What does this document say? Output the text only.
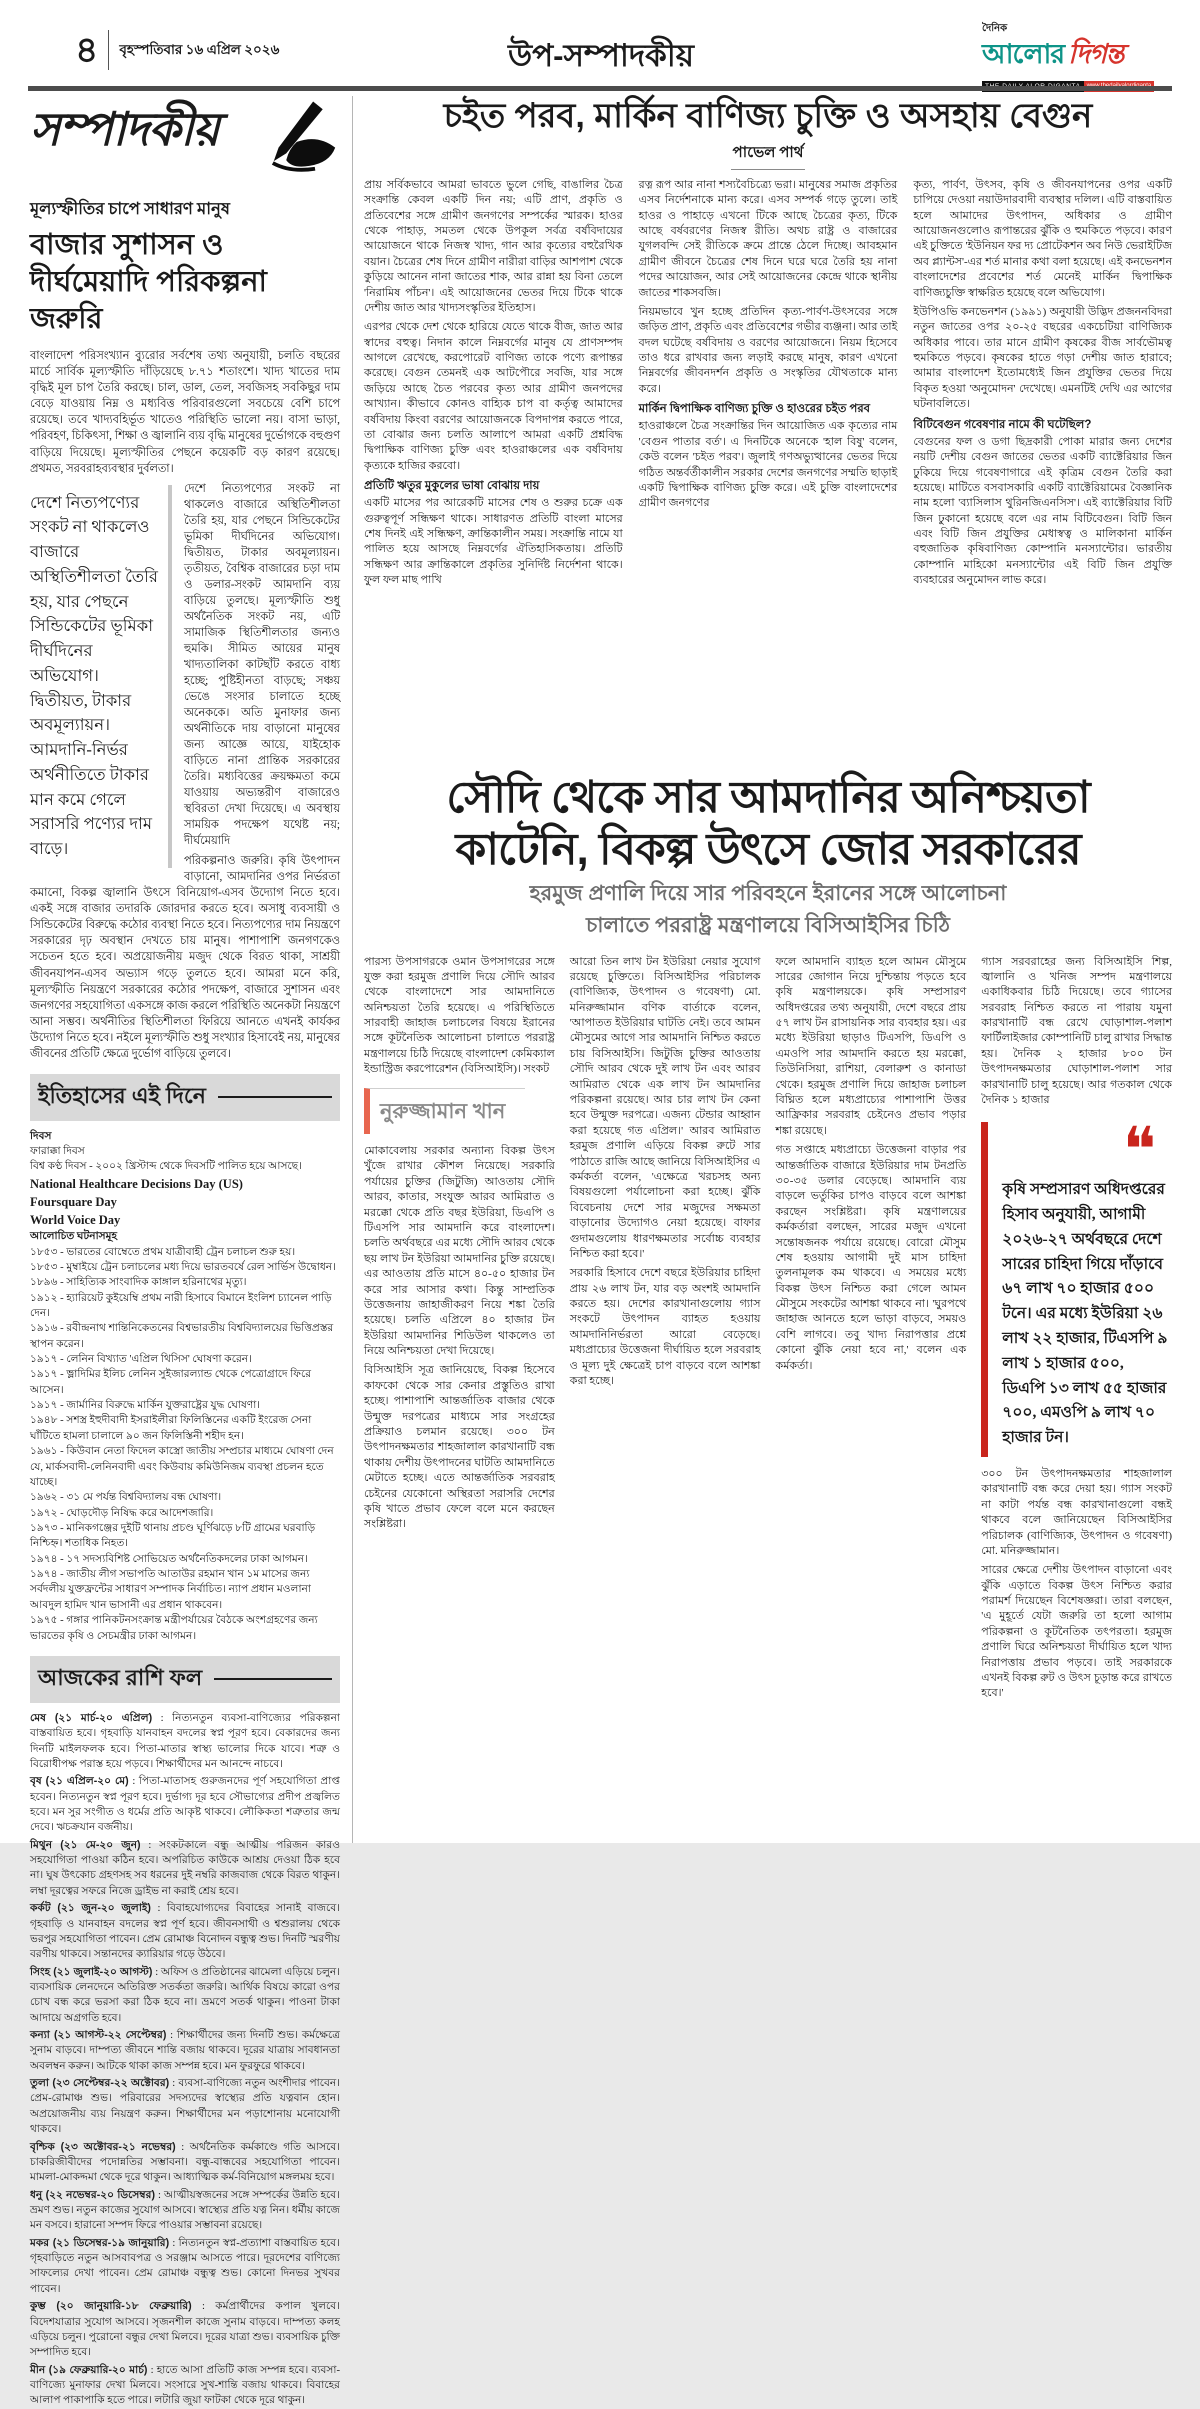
৪ বৃহস্পতিবার ১৬ এপ্রিল ২০২৬	উপ-সম্পাদকীয়
দৈনিক
আলোর দিগন্ত
সম্পাদকীয়
মূল্যস্ফীতির চাপে সাধারণ মানুষ
বাজার সুশাসন ও দীর্ঘমেয়াদি পরিকল্পনা জরুরি

বাংলাদেশ পরিসংখ্যান ব্যুরোর সর্বশেষ তথ্য অনুযায়ী, চলতি বছরের মার্চে সার্বিক মূল্যস্ফীতি দাঁড়িয়েছে ৮.৭১ শতাংশে। খাদ্য খাতের দাম বৃদ্ধিই মূল চাপ তৈরি করছে। চাল, ডাল, তেল, সবজিসহ সবকিছুর দাম বেড়ে যাওয়ায় নিম্ন ও মধ্যবিত্ত পরিবারগুলো সবচেয়ে বেশি চাপে রয়েছে। তবে খাদ্যবহির্ভূত খাতেও পরিস্থিতি ভালো নয়। বাসা ভাড়া, পরিবহণ, চিকিৎসা, শিক্ষা ও জ্বালানি ব্যয় বৃদ্ধি মানুষের দুর্ভোগকে বহুগুণ বাড়িয়ে দিয়েছে। মূল্যস্ফীতির পেছনে কয়েকটি বড় কারণ রয়েছে। প্রথমত, সরবরাহব্যবস্থার দুর্বলতা।

দেশে নিত্যপণ্যের সংকট না থাকলেও বাজারে অস্থিতিশীলতা তৈরি হয়, যার পেছনে সিন্ডিকেটের ভূমিকা দীর্ঘদিনের অভিযোগ। দ্বিতীয়ত, টাকার অবমূল্যায়ন। আমদানি-নির্ভর অর্থনীতিতে টাকার মান কমে গেলে সরাসরি পণ্যের দাম বাড়ে।

দেশে নিত্যপণ্যের সংকট না থাকলেও বাজারে অস্থিতিশীলতা তৈরি হয়, যার পেছনে সিন্ডিকেটের ভূমিকা দীর্ঘদিনের অভিযোগ। দ্বিতীয়ত, টাকার অবমূল্যায়ন। তৃতীয়ত, বৈশ্বিক বাজারের চড়া দাম ও ডলার-সংকট আমদানি ব্যয় বাড়িয়ে তুলছে। মূল্যস্ফীতি শুধু অর্থনৈতিক সংকট নয়, এটি সামাজিক স্থিতিশীলতার জন্যও হুমকি। সীমিত আয়ের মানুষ খাদ্যতালিকা কাটছাঁট করতে বাধ্য হচ্ছে; পুষ্টিহীনতা বাড়ছে; সঞ্চয় ভেঙে সংসার চালাতে হচ্ছে অনেককে। অতি মুনাফার জন্য অর্থনীতিকে দায় বাড়ানো মানুষের জন্য আজ্ঞে আয়ে, যাইহোক বাড়িতে নানা প্রান্তিক সরকারের তৈরি। মধ্যবিত্তের ক্রয়ক্ষমতা কমে যাওয়ায় অভ্যন্তরীণ বাজারেও স্থবিরতা দেখা দিয়েছে। এ অবস্থায় সাময়িক পদক্ষেপ যথেষ্ট নয়; দীর্ঘমেয়াদি

পরিকল্পনাও জরুরি। কৃষি উৎপাদন বাড়ানো, আমদানির ওপর নির্ভরতা কমানো, বিকল্প জ্বালানি উৎসে বিনিয়োগ-এসব উদ্যোগ নিতে হবে। একই সঙ্গে বাজার তদারকি জোরদার করতে হবে। অসাধু ব্যবসায়ী ও সিন্ডিকেটের বিরুদ্ধে কঠোর ব্যবস্থা নিতে হবে। নিত্যপণ্যের দাম নিয়ন্ত্রণে সরকারের দৃঢ় অবস্থান দেখতে চায় মানুষ। পাশাপাশি জনগণকেও সচেতন হতে হবে। অপ্রয়োজনীয় মজুদ থেকে বিরত থাকা, সাশ্রয়ী জীবনযাপন-এসব অভ্যাস গড়ে তুলতে হবে। আমরা মনে করি, মূল্যস্ফীতি নিয়ন্ত্রণে সরকারের কঠোর পদক্ষেপ, বাজারে সুশাসন এবং জনগণের সহযোগিতা একসঙ্গে কাজ করলে পরিস্থিতি অনেকটা নিয়ন্ত্রণে আনা সম্ভব। অর্থনীতির স্থিতিশীলতা ফিরিয়ে আনতে এখনই কার্যকর উদ্যোগ নিতে হবে। নইলে মূল্যস্ফীতি শুধু সংখ্যার হিসাবেই নয়, মানুষের জীবনের প্রতিটি ক্ষেত্রে দুর্ভোগ বাড়িয়ে তুলবে।

ইতিহাসের এই দিনে
দিবস
ফারাক্কা দিবস
বিশ্ব কণ্ঠ দিবস - ২০০২ খ্রিস্টাব্দ থেকে দিবসটি পালিত হয়ে আসছে।
National Healthcare Decisions Day (US)
Foursquare Day
World Voice Day
আলোচিত ঘটনাসমূহ
১৮৫৩ - ভারতের বোম্বেতে প্রথম যাত্রীবাহী ট্রেন চলাচল শুরু হয়।
১৮৫৩ - মুম্বাইয়ে ট্রেন চলাচলের মধ্য দিয়ে ভারতবর্ষে রেল সার্ভিস উদ্বোধন।
১৮৯৬ - সাহিত্যিক সাংবাদিক কাঙ্গাল হরিনাথের মৃত্যু।
১৯১২ - হ্যারিয়েট কুইয়েম্বি প্রথম নারী হিসাবে বিমানে ইংলিশ চ্যানেল পাড়ি দেন।
১৯১৬ - রবীন্দ্রনাথ শান্তিনিকেতনের বিশ্বভারতীয় বিশ্ববিদ্যালয়ের ভিত্তিপ্রস্তর স্থাপন করেন।
১৯১৭ - লেনিন বিখ্যাত 'এপ্রিল থিসিস' ঘোষণা করেন।
১৯১৭ - ভ্লাদিমির ইলিচ লেনিন সুইজারল্যান্ড থেকে পেত্রোগ্রাদে ফিরে আসেন।
১৯১৭ - জার্মানির বিরুদ্ধে মার্কিন যুক্তরাষ্ট্রের যুদ্ধ ঘোষণা।
১৯৪৮ - সশস্ত্র ইহুদীবাদী ইসরাইলীরা ফিলিস্তিনের একটি ইংরেজ সেনা ঘাঁটিতে হামলা চালালে ৯০ জন ফিলিস্তিনী শহীদ হন।
১৯৬১ - কিউবান নেতা ফিদেল কাস্ত্রো জাতীয় সম্প্রচার মাধ্যমে ঘোষণা দেন যে, মার্কসবাদী-লেনিনবাদী এবং কিউবায় কমিউনিজম ব্যবস্থা প্রচলন হতে যাচ্ছে।
১৯৬২ - ৩১ মে পর্যন্ত বিশ্ববিদ্যালয় বন্ধ ঘোষণা।
১৯৭২ - ঘোড়দৌড় নিষিদ্ধ করে আদেশজারি।
১৯৭৩ - মানিকগঞ্জের দুইটি থানায় প্রচণ্ড ঘূর্ণিঝড়ে ৮টি গ্রামের ঘরবাড়ি নিশ্চিহ্ন। শতাধিক নিহত।
১৯৭৪ - ১৭ সদস্যবিশিষ্ট সোভিয়েত অর্থনৈতিকদলের ঢাকা আগমন।
১৯৭৪ - জাতীয় লীগ সভাপতি আতাউর রহমান খান ১ম মাসের জন্য সর্বদলীয় যুক্তফ্রন্টের সাধারণ সম্পাদক নির্বাচিত। ন্যাপ প্রধান মওলানা আবদুল হামিদ খান ভাসানী এর প্রধান থাকবেন।
১৯৭৫ - গঙ্গার পানিকটনসংক্রান্ত মন্ত্রীপর্যায়ের বৈঠকে অংশগ্রহণের জন্য ভারতের কৃষি ও সেচমন্ত্রীর ঢাকা আগমন।
আজকের রাশি ফল

মেষ (২১ মার্চ-২০ এপ্রিল) : নিত্যনতুন ব্যবসা-বাণিজ্যের পরিকল্পনা বাস্তবায়িত হবে। গৃহবাড়ি যানবাহন বদলের স্বপ্ন পূরণ হবে। বেকারদের জন্য দিনটি মাইলফলক হবে। পিতা-মাতার স্বাস্থ্য ভালোর দিকে যাবে। শত্রু ও বিরোধীপক্ষ পরাস্ত হয়ে পড়বে। শিক্ষার্থীদের মন আনন্দে নাচবে।

বৃষ (২১ এপ্রিল-২০ মে) : পিতা-মাতাসহ গুরুজনদের পূর্ণ সহযোগিতা প্রাপ্ত হবেন। নিত্যনতুন স্বপ্ন পূরণ হবে। দুর্ভাগ্য দূর হবে সৌভাগ্যের প্রদীপ প্রজ্বলিত হবে। মন সুর সংগীত ও ধর্মের প্রতি আকৃষ্ট থাকবে। লৌকিকতা শত্রুতার জন্ম দেবে। ঋচক্রযান বর্জনীয়।

মিথুন (২১ মে-২০ জুন) : সংকটকালে বন্ধু আত্মীয় পরিজন কারও সহযোগিতা পাওয়া কঠিন হবে। অপরিচিত কাউকে আশ্রয় দেওয়া ঠিক হবে না। ঘুষ উৎকোচ গ্রহণসহ সব ধরনের দুই নম্বরি কাজবাজ থেকে বিরত থাকুন। লম্বা দূরত্বের সফরে নিজে ড্রাইভ না করাই শ্রেয় হবে।

কর্কট (২১ জুন-২০ জুলাই) : বিবাহযোগ্যদের বিবাহের সানাই বাজবে। গৃহবাড়ি ও যানবাহন বদলের স্বপ্ন পূর্ণ হবে। জীবনসাথী ও শ্বশুরালয় থেকে ভরপুর সহযোগিতা পাবেন। প্রেম রোমাঞ্চ বিনোদন বন্ধুত্ব শুভ। দিনটি স্মরণীয় বরণীয় থাকবে। সন্তানদের ক্যারিয়ার গড়ে উঠবে।

সিংহ (২১ জুলাই-২০ আগস্ট) : অফিস ও প্রতিষ্ঠানের ঝামেলা এড়িয়ে চলুন। ব্যবসায়িক লেনদেনে অতিরিক্ত সতর্কতা জরুরি। আর্থিক বিষয়ে কারো ওপর চোখ বন্ধ করে ভরসা করা ঠিক হবে না। ভ্রমণে সতর্ক থাকুন। পাওনা টাকা আদায়ে অগ্রগতি হবে।

কন্যা (২১ আগস্ট-২২ সেপ্টেম্বর) : শিক্ষার্থীদের জন্য দিনটি শুভ। কর্মক্ষেত্রে সুনাম বাড়বে। দাম্পত্য জীবনে শান্তি বজায় থাকবে। দূরের যাত্রায় সাবধানতা অবলম্বন করুন। আটকে থাকা কাজ সম্পন্ন হবে। মন ফুরফুরে থাকবে।

তুলা (২৩ সেপ্টেম্বর-২২ অক্টোবর) : ব্যবসা-বাণিজ্যে নতুন অংশীদার পাবেন। প্রেম-রোমাঞ্চ শুভ। পরিবারের সদস্যদের স্বাস্থ্যের প্রতি যত্নবান হোন। অপ্রয়োজনীয় ব্যয় নিয়ন্ত্রণ করুন। শিক্ষার্থীদের মন পড়াশোনায় মনোযোগী থাকবে।

বৃশ্চিক (২৩ অক্টোবর-২১ নভেম্বর) : অর্থনৈতিক কর্মকাণ্ডে গতি আসবে। চাকরিজীবীদের পদোন্নতির সম্ভাবনা। বন্ধু-বান্ধবের সহযোগিতা পাবেন। মামলা-মোকদ্দমা থেকে দূরে থাকুন। আধ্যাত্মিক কর্ম-বিনিয়োগ মঙ্গলময় হবে।

ধনু (২২ নভেম্বর-২০ ডিসেম্বর) : আত্মীয়স্বজনের সঙ্গে সম্পর্কের উন্নতি হবে। ভ্রমণ শুভ। নতুন কাজের সুযোগ আসবে। স্বাস্থ্যের প্রতি যত্ন নিন। ধর্মীয় কাজে মন বসবে। হারানো সম্পদ ফিরে পাওয়ার সম্ভাবনা রয়েছে।

মকর (২১ ডিসেম্বর-১৯ জানুয়ারি) : নিত্যনতুন স্বপ্ন-প্রত্যাশা বাস্তবায়িত হবে। গৃহবাড়িতে নতুন আসবাবপত্র ও সরঞ্জাম আসতে পারে। দূরদেশের বাণিজ্যে সাফল্যের দেখা পাবেন। প্রেম রোমাঞ্চ বন্ধুত্ব শুভ। কোনো দিনভর সুখবর পাবেন।

কুম্ভ (২০ জানুয়ারি-১৮ ফেব্রুয়ারি) : কর্মপ্রার্থীদের কপাল খুলবে। বিদেশযাত্রার সুযোগ আসবে। সৃজনশীল কাজে সুনাম বাড়বে। দাম্পত্য কলহ এড়িয়ে চলুন। পুরোনো বন্ধুর দেখা মিলবে। দূরের যাত্রা শুভ। ব্যবসায়িক চুক্তি সম্পাদিত হবে।

মীন (১৯ ফেব্রুয়ারি-২০ মার্চ) : হাতে আসা প্রতিটি কাজ সম্পন্ন হবে। ব্যবসা-বাণিজ্যে মুনাফার দেখা মিলবে। সংসারে সুখ-শান্তি বজায় থাকবে। বিবাহের আলাপ পাকাপাকি হতে পারে। লটারি জুয়া ফাটকা থেকে দূরে থাকুন।

চইত পরব, মার্কিন বাণিজ্য চুক্তি ও অসহায় বেগুন
পাভেল পার্থ

প্রায় সর্বিকভাবে আমরা ভাবতে ভুলে গেছি, বাঙালির চৈত্র সংক্রান্তি কেবল একটি দিন নয়; এটি প্রাণ, প্রকৃতি ও প্রতিবেশের সঙ্গে গ্রামীণ জনগণের সম্পর্কের স্মারক। হাওর থেকে পাহাড়, সমতল থেকে উপকূল সর্বত্র বর্ষবিদায়ের আয়োজনে থাকে নিজস্ব খাদ্য, গান আর কৃত্যের বহুরৈখিক বয়ান। চৈত্রের শেষ দিনে গ্রামীণ নারীরা বাড়ির আশপাশ থেকে কুড়িয়ে আনেন নানা জাতের শাক, আর রান্না হয় বিনা তেলে 'নিরামিষ পাঁচন'। এই আয়োজনের ভেতর দিয়ে টিকে থাকে দেশীয় জাত আর খাদ্যসংস্কৃতির ইতিহাস।

এরপর থেকে দেশ থেকে হারিয়ে যেতে থাকে বীজ, জাত আর স্বাদের বহুত্ব। নিদান কালে নিম্নবর্গের মানুষ যে প্রাণসম্পদ আগলে রেখেছে, করপোরেট বাণিজ্য তাকে পণ্যে রূপান্তর করেছে। বেগুন তেমনই এক আটপৌরে সবজি, যার সঙ্গে জড়িয়ে আছে চৈত পরবের কৃত্য আর গ্রামীণ জনপদের আখ্যান। কীভাবে কোনও বাহ্যিক চাপ বা কর্তৃত্ব আমাদের বর্ষবিদায় কিংবা বরণের আয়োজনকে বিপদাপন্ন করতে পারে, তা বোঝার জন্য চলতি আলাপে আমরা একটি প্রশ্নবিদ্ধ দ্বিপাক্ষিক বাণিজ্য চুক্তি এবং হাওরাঞ্চলের এক বর্ষবিদায় কৃত্যকে হাজির করবো।

প্রতিটি ঋতুর মুকুলের ভাষা বোঝায় দায়

একটি মাসের পর আরেকটি মাসের শেষ ও শুরুর চক্রে এক গুরুত্বপূর্ণ সন্ধিক্ষণ থাকে। সাধারণত প্রতিটি বাংলা মাসের শেষ দিনই এই সন্ধিক্ষণ, ক্রান্তিকালীন সময়। সংক্রান্তি নামে যা পালিত হয়ে আসছে নিম্নবর্গের ঐতিহাসিকতায়। প্রতিটি সন্ধিক্ষণ আর ক্রান্তিকালে প্রকৃতির সুনির্দিষ্ট নির্দেশনা থাকে। ফুল ফল মাছ পাখি

রত্ন রূপ আর নানা শস্যবৈচিত্র্যে ভরা। মানুষের সমাজ প্রকৃতির এসব নির্দেশনাকে মান্য করে। এসব সম্পর্ক গড়ে তুলে। তাই হাওর ও পাহাড়ে এখনো টিকে আছে চৈত্রের কৃত্য, টিকে আছে বর্ষবরণের নিজস্ব রীতি। অথচ রাষ্ট্র ও বাজারের যুগলবন্দি সেই রীতিকে ক্রমে প্রান্তে ঠেলে দিচ্ছে। আবহমান গ্রামীণ জীবনে চৈত্রের শেষ দিনে ঘরে ঘরে তৈরি হয় নানা পদের আয়োজন, আর সেই আয়োজনের কেন্দ্রে থাকে স্থানীয় জাতের শাকসবজি।

নিয়মভাবে খুন হচ্ছে প্রতিদিন কৃত্য-পার্বণ-উৎসবের সঙ্গে জড়িত প্রাণ, প্রকৃতি এবং প্রতিবেশের গভীর ব্যঞ্জনা। আর তাই বদল ঘটেছে বর্ষবিদায় ও বরণের আয়োজনে। নিয়ম হিসেবে তাও ধরে রাখবার জন্য লড়াই করছে মানুষ, কারণ এখনো নিম্নবর্গের জীবনদর্শন প্রকৃতি ও সংস্কৃতির যৌথতাকে মান্য করে।

মার্কিন দ্বিপাক্ষিক বাণিজ্য চুক্তি ও হাওরের চইত পরব

হাওরাঞ্চলে চৈত্র সংক্রান্তির দিন আয়োজিত এক কৃত্যের নাম 'বেগুন পাতার বর্ত'। এ দিনটিকে অনেকে 'হাল বিষু' বলেন, কেউ বলেন 'চইত পরব'। জুলাই গণঅভ্যুত্থানের ভেতর দিয়ে গঠিত অন্তর্বর্তীকালীন সরকার দেশের জনগণের সম্মতি ছাড়াই একটি দ্বিপাক্ষিক বাণিজ্য চুক্তি করে। এই চুক্তি বাংলাদেশের গ্রামীণ জনগণের

কৃত্য, পার্বণ, উৎসব, কৃষি ও জীবনযাপনের ওপর একটি চাপিয়ে দেওয়া নয়াউদারবাদী ব্যবস্থার দলিল। এটি বাস্তবায়িত হলে আমাদের উৎপাদন, অধিকার ও গ্রামীণ আয়োজনগুলোও রূপান্তরের ঝুঁকি ও হুমকিতে পড়বে। কারণ এই চুক্তিতে 'ইউনিয়ন ফর দ্য প্রোটেকশন অব নিউ ভেরাইটিজ অব প্ল্যান্টস'-এর শর্ত মানার কথা বলা হয়েছে। এই কনভেনশন বাংলাদেশের প্রবেশের শর্ত মেনেই মার্কিন দ্বিপাক্ষিক বাণিজ্যচুক্তি স্বাক্ষরিত হয়েছে বলে অভিযোগ।

ইউপিওভি কনভেনশন (১৯৯১) অনুযায়ী উদ্ভিদ প্রজননবিদরা নতুন জাতের ওপর ২০-২৫ বছরের একচেটিয়া বাণিজ্যিক অধিকার পাবে। তার মানে গ্রামীণ কৃষকের বীজ সার্বভৌমত্ব হুমকিতে পড়বে। কৃষকের হাতে গড়া দেশীয় জাত হারাবে; আমার বাংলাদেশ ইতোমধ্যেই জিন প্রযুক্তির ভেতর দিয়ে বিকৃত হওয়া 'অনুমোদন' দেখেছে। এমনটিই দেখি এর আগের ঘটনাবলিতে।

বিটিবেগুন গবেষণার নামে কী ঘটেছিল?

বেগুনের ফল ও ডগা ছিদ্রকারী পোকা মারার জন্য দেশের নয়টি দেশীয় বেগুন জাতের ভেতর একটি ব্যাক্টেরিয়ার জিন ঢুকিয়ে দিয়ে গবেষণাগারে এই কৃত্রিম বেগুন তৈরি করা হয়েছে। মাটিতে বসবাসকারি একটি ব্যাক্টেরিয়ামের বৈজ্ঞানিক নাম হলো 'ব্যাসিলাস থুরিনজিএনসিস'। এই ব্যাক্টেরিয়ার বিটি জিন ঢুকানো হয়েছে বলে এর নাম বিটিবেগুন। বিটি জিন এবং বিটি জিন প্রযুক্তির মেধাস্বত্ব ও মালিকানা মার্কিন বহুজাতিক কৃষিবাণিজ্য কোম্পানি মনস্যান্টোর। ভারতীয় কোম্পানি মাহিকো মনস্যান্টোর এই বিটি জিন প্রযুক্তি ব্যবহারের অনুমোদন লাভ করে।

সৌদি থেকে সার আমদানির অনিশ্চয়তা
কাটেনি, বিকল্প উৎসে জোর সরকারের
হরমুজ প্রণালি দিয়ে সার পরিবহনে ইরানের সঙ্গে আলোচনা
চালাতে পররাষ্ট্র মন্ত্রণালয়ে বিসিআইসির চিঠি

পারস্য উপসাগরকে ওমান উপসাগরের সঙ্গে যুক্ত করা হরমুজ প্রণালি দিয়ে সৌদি আরব থেকে বাংলাদেশে সার আমদানিতে অনিশ্চয়তা তৈরি হয়েছে। এ পরিস্থিতিতে সারবাহী জাহাজ চলাচলের বিষয়ে ইরানের সঙ্গে কূটনৈতিক আলোচনা চালাতে পররাষ্ট্র মন্ত্রণালয়ে চিঠি দিয়েছে বাংলাদেশ কেমিক্যাল ইন্ডাস্ট্রিজ করপোরেশন (বিসিআইসি)। সংকট

নুরুজ্জামান খান

মোকাবেলায় সরকার অন্যান্য বিকল্প উৎস খুঁজে রাখার কৌশল নিয়েছে। সরকারি পর্যায়ের চুক্তির (জিটুজি) আওতায় সৌদি আরব, কাতার, সংযুক্ত আরব আমিরাত ও মরক্কো থেকে প্রতি বছর ইউরিয়া, ডিএপি ও টিএসপি সার আমদানি করে বাংলাদেশ। চলতি অর্থবছরে এর মধ্যে সৌদি আরব থেকে ছয় লাখ টন ইউরিয়া আমদানির চুক্তি রয়েছে। এর আওতায় প্রতি মাসে ৪০-৫০ হাজার টন করে সার আসার কথা। কিন্তু সাম্প্রতিক উত্তেজনায় জাহাজীকরণ নিয়ে শঙ্কা তৈরি হয়েছে। চলতি এপ্রিলে ৪০ হাজার টন ইউরিয়া আমদানির শিডিউল থাকলেও তা নিয়ে অনিশ্চয়তা দেখা দিয়েছে।

বিসিআইসি সূত্র জানিয়েছে, বিকল্প হিসেবে কাফকো থেকে সার কেনার প্রস্তুতিও রাখা হচ্ছে। পাশাপাশি আন্তর্জাতিক বাজার থেকে উন্মুক্ত দরপত্রের মাধ্যমে সার সংগ্রহের প্রক্রিয়াও চলমান রয়েছে। ৩০০ টন উৎপাদনক্ষমতার শাহজালাল কারখানাটি বন্ধ থাকায় দেশীয় উৎপাদনের ঘাটতি আমদানিতে মেটাতে হচ্ছে। এতে আন্তর্জাতিক সরবরাহ চেইনের যেকোনো অস্থিরতা সরাসরি দেশের কৃষি খাতে প্রভাব ফেলে বলে মনে করছেন সংশ্লিষ্টরা।

আরো তিন লাখ টন ইউরিয়া নেয়ার সুযোগ রয়েছে চুক্তিতে। বিসিআইসির পরিচালক (বাণিজ্যিক, উৎপাদন ও গবেষণা) মো. মনিরুজ্জামান বণিক বার্তাকে বলেন, 'আপাতত ইউরিয়ার ঘাটতি নেই। তবে আমন মৌসুমের আগে সার আমদানি নিশ্চিত করতে চায় বিসিআইসি। জিটুজি চুক্তির আওতায় সৌদি আরব থেকে দুই লাখ টন এবং আরব আমিরাত থেকে এক লাখ টন আমদানির পরিকল্পনা রয়েছে। আর চার লাখ টন কেনা হবে উন্মুক্ত দরপত্রে। এজন্য টেন্ডার আহ্বান করা হয়েছে গত এপ্রিল।' আরব আমিরাত হরমুজ প্রণালি এড়িয়ে বিকল্প রুটে সার পাঠাতে রাজি আছে জানিয়ে বিসিআইসির এ কর্মকর্তা বলেন, 'এক্ষেত্রে খরচসহ অন্য বিষয়গুলো পর্যালোচনা করা হচ্ছে। ঝুঁকি বিবেচনায় দেশে সার মজুদের সক্ষমতা বাড়ানোর উদ্যোগও নেয়া হয়েছে। বাফার গুদামগুলোয় ধারণক্ষমতার সর্বোচ্চ ব্যবহার নিশ্চিত করা হবে।'

সরকারি হিসাবে দেশে বছরে ইউরিয়ার চাহিদা প্রায় ২৬ লাখ টন, যার বড় অংশই আমদানি করতে হয়। দেশের কারখানাগুলোয় গ্যাস সংকটে উৎপাদন ব্যাহত হওয়ায় আমদানিনির্ভরতা আরো বেড়েছে। মধ্যপ্রাচ্যের উত্তেজনা দীর্ঘায়িত হলে সরবরাহ ও মূল্য দুই ক্ষেত্রেই চাপ বাড়বে বলে আশঙ্কা করা হচ্ছে।

ফলে আমদানি ব্যাহত হলে আমন মৌসুমে সারের জোগান নিয়ে দুশ্চিন্তায় পড়তে হবে কৃষি মন্ত্রণালয়কে। কৃষি সম্প্রসারণ অধিদপ্তরের তথ্য অনুযায়ী, দেশে বছরে প্রায় ৫৭ লাখ টন রাসায়নিক সার ব্যবহার হয়। এর মধ্যে ইউরিয়া ছাড়াও টিএসপি, ডিএপি ও এমওপি সার আমদানি করতে হয় মরক্কো, তিউনিসিয়া, রাশিয়া, বেলারুশ ও কানাডা থেকে। হরমুজ প্রণালি দিয়ে জাহাজ চলাচল বিঘ্নিত হলে মধ্যপ্রাচ্যের পাশাপাশি উত্তর আফ্রিকার সরবরাহ চেইনেও প্রভাব পড়ার শঙ্কা রয়েছে।

গত সপ্তাহে মধ্যপ্রাচ্যে উত্তেজনা বাড়ার পর আন্তর্জাতিক বাজারে ইউরিয়ার দাম টনপ্রতি ৩০-৩৫ ডলার বেড়েছে। আমদানি ব্যয় বাড়লে ভর্তুকির চাপও বাড়বে বলে আশঙ্কা করছেন সংশ্লিষ্টরা। কৃষি মন্ত্রণালয়ের কর্মকর্তারা বলছেন, সারের মজুদ এখনো সন্তোষজনক পর্যায়ে রয়েছে। বোরো মৌসুম শেষ হওয়ায় আগামী দুই মাস চাহিদা তুলনামূলক কম থাকবে। এ সময়ের মধ্যে বিকল্প উৎস নিশ্চিত করা গেলে আমন মৌসুমে সংকটের আশঙ্কা থাকবে না। 'ঘুরপথে জাহাজ আনতে হলে ভাড়া বাড়বে, সময়ও বেশি লাগবে। তবু খাদ্য নিরাপত্তার প্রশ্নে কোনো ঝুঁকি নেয়া হবে না,' বলেন এক কর্মকর্তা।

গ্যাস সরবরাহের জন্য বিসিআইসি শিল্প, জ্বালানি ও খনিজ সম্পদ মন্ত্রণালয়ে একাধিকবার চিঠি দিয়েছে। তবে গ্যাসের সরবরাহ নিশ্চিত করতে না পারায় যমুনা কারখানাটি বন্ধ রেখে ঘোড়াশাল-পলাশ ফার্টিলাইজার কোম্পানিটি চালু রাখার সিদ্ধান্ত হয়। দৈনিক ২ হাজার ৮০০ টন উৎপাদনক্ষমতার ঘোড়াশাল-পলাশ সার কারখানাটি চালু হয়েছে। আর গতকাল থেকে দৈনিক ১ হাজার

❝
কৃষি সম্প্রসারণ অধিদপ্তরের হিসাব অনুযায়ী, আগামী ২০২৬-২৭ অর্থবছরে দেশে সারের চাহিদা গিয়ে দাঁড়াবে ৬৭ লাখ ৭০ হাজার ৫০০ টনে। এর মধ্যে ইউরিয়া ২৬ লাখ ২২ হাজার, টিএসপি ৯ লাখ ১ হাজার ৫০০, ডিএপি ১৩ লাখ ৫৫ হাজার ৭০০, এমওপি ৯ লাখ ৭০ হাজার টন।

৩০০ টন উৎপাদনক্ষমতার শাহজালাল কারখানাটি বন্ধ করে দেয়া হয়। গ্যাস সংকট না কাটা পর্যন্ত বন্ধ কারখানাগুলো বন্ধই থাকবে বলে জানিয়েছেন বিসিআইসির পরিচালক (বাণিজ্যিক, উৎপাদন ও গবেষণা) মো. মনিরুজ্জামান।

সারের ক্ষেত্রে দেশীয় উৎপাদন বাড়ানো এবং ঝুঁকি এড়াতে বিকল্প উৎস নিশ্চিত করার পরামর্শ দিয়েছেন বিশেষজ্ঞরা। তারা বলছেন, 'এ মুহূর্তে যেটা জরুরি তা হলো আগাম পরিকল্পনা ও কূটনৈতিক তৎপরতা। হরমুজ প্রণালি ঘিরে অনিশ্চয়তা দীর্ঘায়িত হলে খাদ্য নিরাপত্তায় প্রভাব পড়বে। তাই সরকারকে এখনই বিকল্প রুট ও উৎস চূড়ান্ত করে রাখতে হবে।'
